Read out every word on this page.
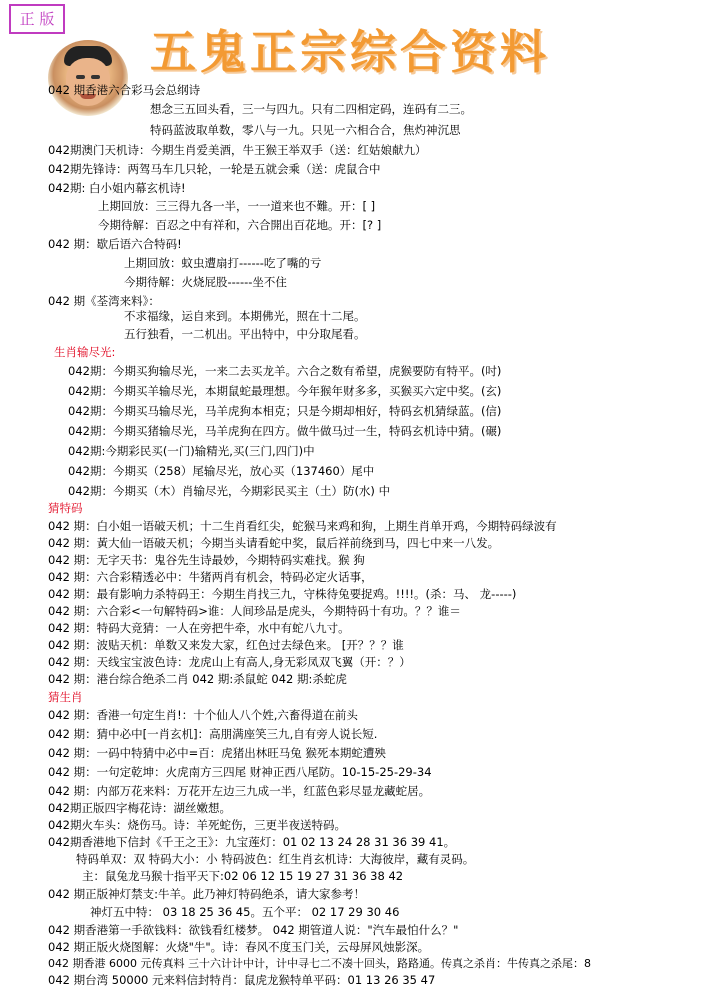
正 版
五鬼正宗综合资料
042 期香港六合彩马会总纲诗
想念三五回头看，三一与四九。只有二四相定码，连码有二三。
特码蓝波取单数，零八与一九。只见一六相合合，焦灼神沉思
042期澳门天机诗：今期生肖爱美酒，牛王猴王举双手（送：红姑娘献九）
042期先锋诗：两驾马车几只轮，一轮是五就会乘（送：虎鼠合中
042期: 白小姐内幕玄机诗!
上期回放：三三得九各一半，一一道来也不難。开：[ ]
今期待解：百忍之中有祥和，六合開出百花地。开：[? ]
042 期：歇后语六合特码!
上期回放：蚊虫遭扇打------吃了嘴的亏
今期待解：火烧屁股------坐不住
042 期《荃湾来料》：
不求福缘，运自来到。本期佛光，照在十二尾。
五行独看，一二机出。平出特中，中分取尾看。
生肖输尽光:
042期：今期买狗输尽光，一来二去买龙羊。六合之数有希望，虎猴要防有特平。(吋)
042期：今期买羊输尽光，本期鼠蛇最理想。今年猴年财多多，买猴买六定中奖。(玄)
042期：今期买马输尽光，马羊虎狗本相克；只是今期却相好，特码玄机猜绿蓝。(信)
042期：今期买猪输尽光，马羊虎狗在四方。做牛做马过一生，特码玄机诗中猜。(碾)
042期:今期彩民买(一门)输精光,买(三门,四门)中
042期：今期买（258）尾输尽光，放心买（137460）尾中
042期：今期买（木）肖输尽光，今期彩民买主（土）防(水) 中
猜特码
042 期：白小姐一语破天机；十二生肖看红尖，蛇猴马来鸡和狗，上期生肖单开鸡，今期特码绿波有
042 期：黃大仙一语破天机；今期当头请看蛇中奖，鼠后祥前绕到马，四七中来一八发。
042 期：无字天书：鬼谷先生诗最妙，今期特码实难找。猴 狗
042 期：六合彩精透必中：牛猪两肖有机会，特码必定火话事，
042 期：最有影响力杀特码王：今期生肖找三九，守株待兔要捉鸡。!!!!。(杀：马、 龙-----)
042 期：六合彩<一句解特码>谁：人间珍品是虎头，今期特码十有功。？？谁＝
042 期：特码大竞猜：一人在旁把牛牵，水中有蛇八九寸。
042 期：波贴天机：单数又来发大家，红色过去绿色来。 [开？？？谁
042 期：天线宝宝波色诗：龙虎山上有高人,身无彩凤双飞翼（开：？）
042 期：港台综合绝杀二肖 042 期:杀鼠蛇 042 期:杀蛇虎
猜生肖
042 期：香港一句定生肖!：十个仙人八个姓,六畜得道在前头
042 期：猜中必中[一肖玄机]：高朋满座笑三九,自有旁人说长短.
042 期：一码中特猜中必中=百：虎猪出林旺马兔 猴死本期蛇遭殃
042 期：一句定乾坤：火虎南方三四尾 财神正西八尾防。10-15-25-29-34
042 期：内部万花来料：万花开左边三九成一半，红蓝色彩尽显龙藏蛇居。
042期正版四字梅花诗：湖丝嫩想。
042期火车头：烧伤马。诗：羊死蛇伤，三更半夜送特码。
042期香港地下信封《千王之王》：九宝莲灯：01 02 13 24 28 31 36 39 41。
特码单双：双 特码大小：小 特码波色：红生肖玄机诗：大海彼岸，藏有灵码。
主：鼠兔龙马猴十指平天下:02 06 12 15 19 27 31 36 38 42
042 期正版神灯禁支:牛羊。此乃神灯特码绝杀，请大家参考！
神灯五中特： 03 18 25 36 45。五个平： 02 17 29 30 46
042 期香港第一手欲钱料：欲钱看红楼梦。 042 期管道人说："汽车最怕什么？"
042 期正版火烧图解：火烧"牛"。诗：春风不度玉门关，云母屏风烛影深。
042 期香港 6000 元传真料 三十六计计中计，计中寻七二不凑十回头，路路通。传真之杀肖：牛传真之杀尾：8
042 期台湾 50000 元来料信封特肖：鼠虎龙猴特单平码：01 13 26 35 47
